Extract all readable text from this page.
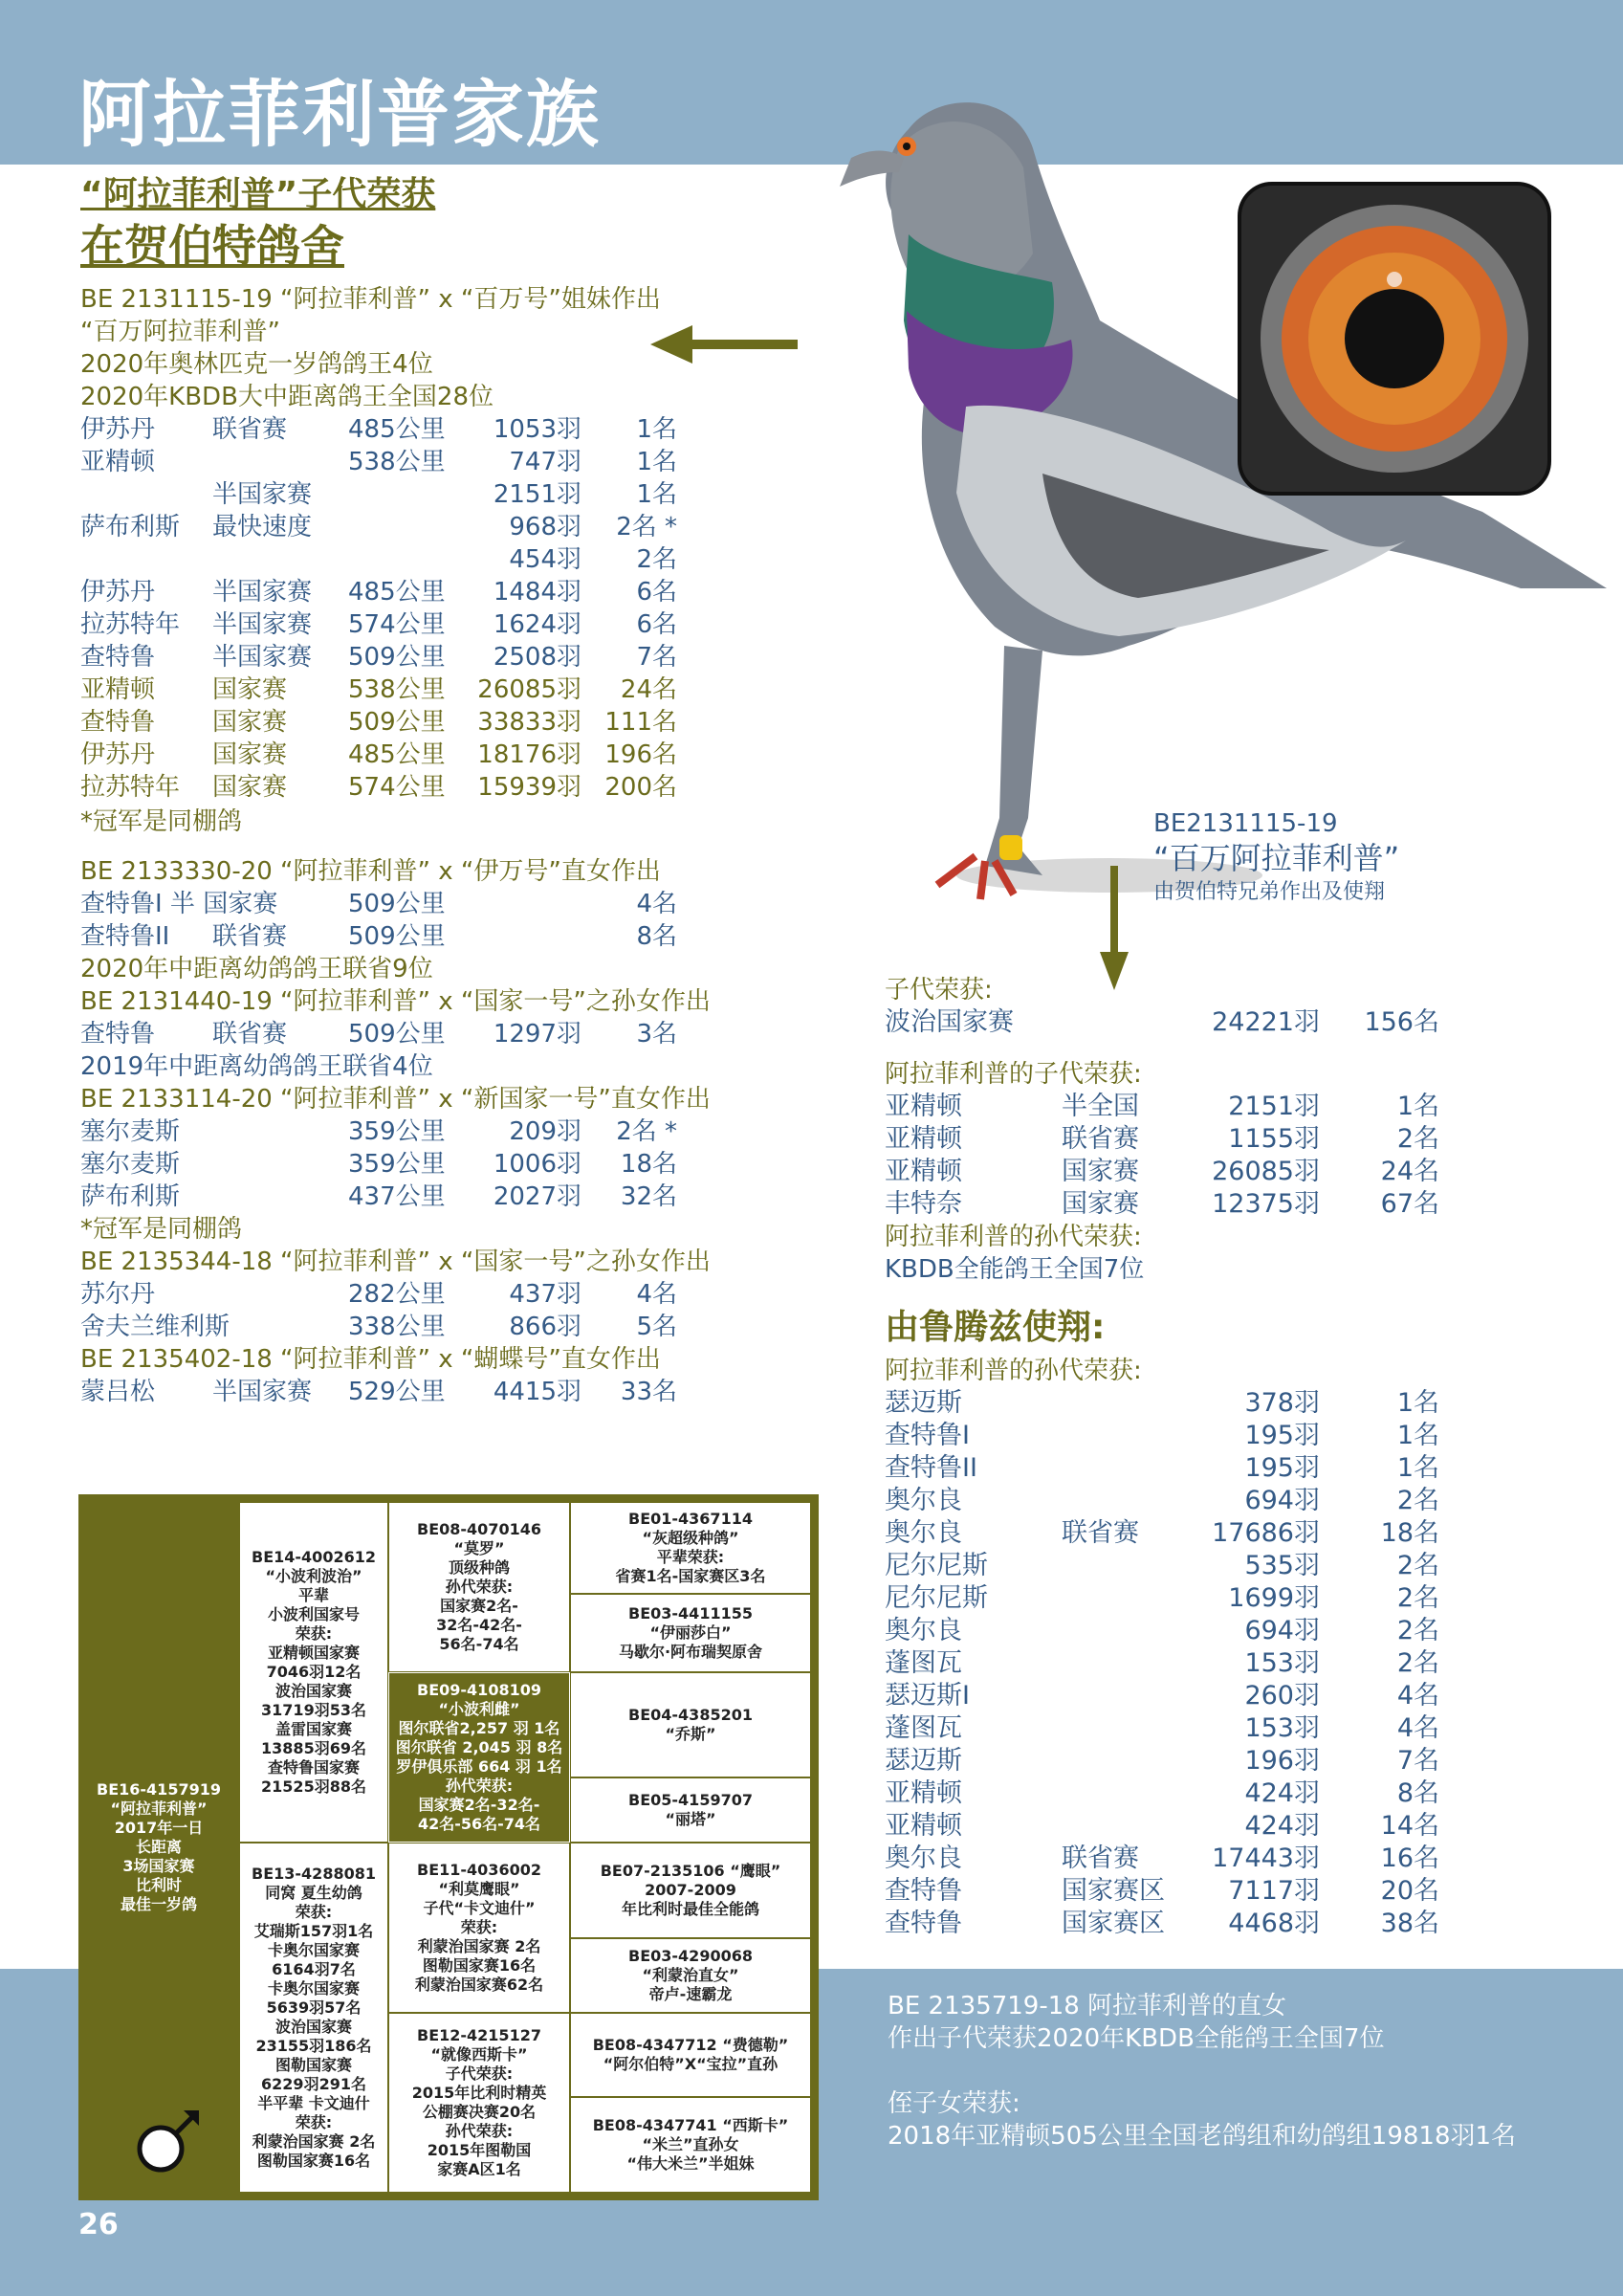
阿拉菲利普家族
“阿拉菲利普”子代荣获
在贺伯特鸽舍
BE 2131115-19 “阿拉菲利普” x “百万号”姐妹作出
“百万阿拉菲利普”
2020年奥林匹克一岁鸽鸽王4位
2020年KBDB大中距离鸽王全国28位
伊苏丹 联省赛 485公里 1053羽 1名
亚精顿	538公里	747羽 1名
半国家赛	2151羽 1名
萨布利斯 最快速度	968羽 2名 *
454羽 2名
伊苏丹 半国家赛 485公里 1484羽 6名
拉苏特年 半国家赛 574公里 1624羽 6名
查特鲁 半国家赛 509公里 2508羽 7名
亚精顿 国家赛 538公里 26085羽 24名
查特鲁 国家赛 509公里 33833羽 111名
伊苏丹 国家赛 485公里 18176羽 196名
拉苏特年 国家赛 574公里 15939羽 200名
*冠军是同棚鸽
BE 2133330-20 “阿拉菲利普” x “伊万号”直女作出
查特鲁I 半 国家赛	509公里	4名
查特鲁II 联省赛 509公里	8名
2020年中距离幼鸽鸽王联省9位
BE 2131440-19 “阿拉菲利普” x “国家一号”之孙女作出
查特鲁 联省赛 509公里 1297羽 3名
2019年中距离幼鸽鸽王联省4位
BE 2133114-20 “阿拉菲利普” x “新国家一号”直女作出
塞尔麦斯	359公里	209羽 2名 *
塞尔麦斯	359公里 1006羽 18名
萨布利斯	437公里 2027羽 32名
*冠军是同棚鸽
BE 2135344-18 “阿拉菲利普” x “国家一号”之孙女作出
苏尔丹	282公里	437羽 4名
舍夫兰维利斯	338公里	866羽 5名
BE 2135402-18 “阿拉菲利普” x “蝴蝶号”直女作出
蒙吕松 半国家赛 529公里 4415羽 33名
BE2131115-19
“百万阿拉菲利普”
由贺伯特兄弟作出及使翔
子代荣获:
波治国家赛	24221羽 156名
阿拉菲利普的子代荣获:
亚精顿	半全国	2151羽	1名
亚精顿	联省赛	1155羽	2名
亚精顿	国家赛	26085羽 24名
丰特奈	国家赛	12375羽 67名
阿拉菲利普的孙代荣获:
KBDB全能鸽王全国7位
由鲁腾兹使翔:
阿拉菲利普的孙代荣获:
瑟迈斯	378羽	1名
查特鲁I	195羽	1名
查特鲁II	195羽	1名
奥尔良	694羽	2名
奥尔良	联省赛	17686羽 18名
尼尔尼斯	535羽	2名
尼尔尼斯	1699羽	2名
奥尔良	694羽	2名
蓬图瓦	153羽	2名
瑟迈斯I	260羽	4名
蓬图瓦	153羽	4名
瑟迈斯	196羽	7名
亚精顿	424羽	8名
亚精顿	424羽 14名
奥尔良	联省赛	17443羽 16名
查特鲁	国家赛区 7117羽 20名
查特鲁	国家赛区 4468羽 38名
BE16-4157919
“阿拉菲利普”
2017年一日
长距离
3场国家赛
比利时
最佳一岁鸽
BE14-4002612
“小波利波治”
平辈
小波利国家号
荣获:
亚精顿国家赛
7046羽12名
波治国家赛
31719羽53名
盖雷国家赛
13885羽69名
查特鲁国家赛
21525羽88名
BE13-4288081
同窝 夏生幼鸽
荣获:
艾瑞斯157羽1名
卡奥尔国家赛
6164羽7名
卡奥尔国家赛
5639羽57名
波治国家赛
23155羽186名
图勒国家赛
6229羽291名
半平辈 卡文迪什
荣获:
利蒙治国家赛 2名
图勒国家赛16名
BE08-4070146
“莫罗”
顶级种鸽
孙代荣获:
国家赛2名-
32名-42名-
56名-74名
BE09-4108109
“小波利雌”
图尔联省2,257 羽 1名
图尔联省 2,045 羽 8名
罗伊俱乐部 664 羽 1名
孙代荣获:
国家赛2名-32名-
42名-56名-74名
BE11-4036002
“利莫鹰眼”
子代“卡文迪什”
荣获:
利蒙治国家赛 2名
图勒国家赛16名
利蒙治国家赛62名
BE12-4215127
“就像西斯卡”
子代荣获:
2015年比利时精英
公棚赛决赛20名
孙代荣获:
2015年图勒国
家赛A区1名
BE01-4367114
“灰超级种鸽”
平辈荣获:
省赛1名-国家赛区3名
BE03-4411155
“伊丽莎白”
马歇尔·阿布瑞契原舍
BE04-4385201
“乔斯”
BE05-4159707
“丽塔”
BE07-2135106 “鹰眼”
2007-2009
年比利时最佳全能鸽
BE03-4290068
“利蒙治直女”
帝卢-速霸龙
BE08-4347712 “费德勒”
“阿尔伯特”X“宝拉”直孙
BE08-4347741 “西斯卡”
“米兰”直孙女
“伟大米兰”半姐妹
26
BE 2135719-18 阿拉菲利普的直女
作出子代荣获2020年KBDB全能鸽王全国7位
侄子女荣获:
2018年亚精顿505公里全国老鸽组和幼鸽组19818羽1名
